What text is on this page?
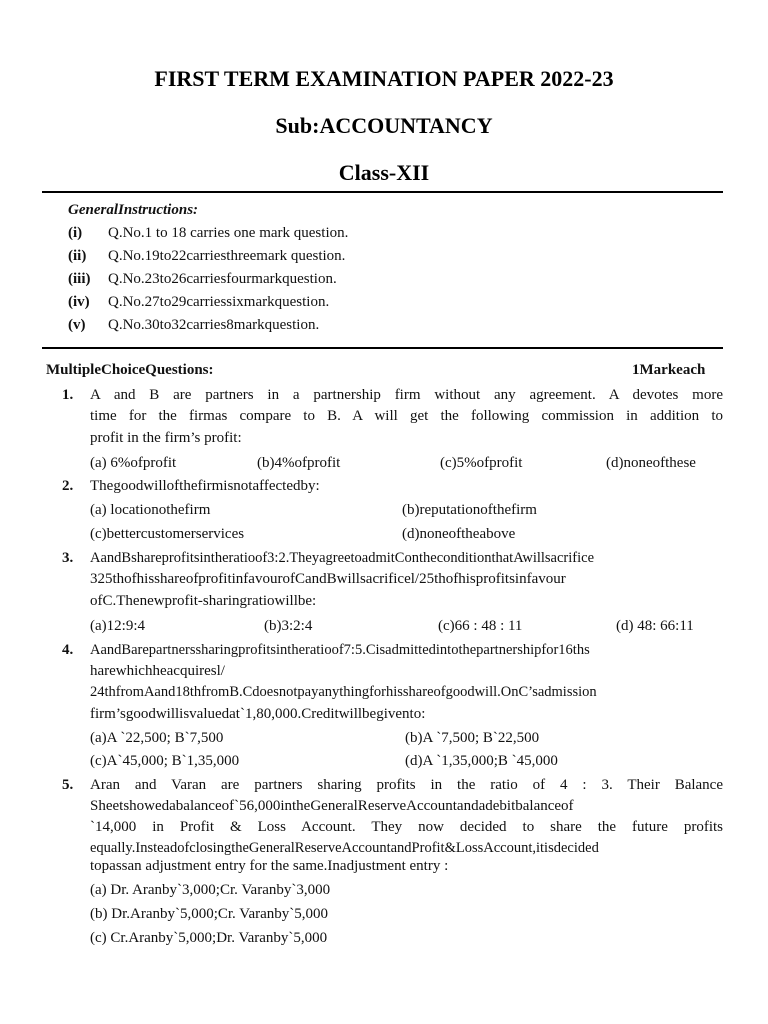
FIRST TERM EXAMINATION PAPER 2022-23
Sub:ACCOUNTANCY
Class-XII
GeneralInstructions:
(i) Q.No.1 to 18 carries one mark question.
(ii) Q.No.19to22carriesthreemark question.
(iii) Q.No.23to26carriesfourmarkquestion.
(iv) Q.No.27to29carriessixmarkquestion.
(v) Q.No.30to32carries8markquestion.
MultipleChoiceQuestions:	1Markeach
1. A and B are partners in a partnership firm without any agreement. A devotes more
time for the firmas compare to B. A will get the following commission in addition to
profit in the firm’s profit:
(a) 6%ofprofit	(b)4%ofprofit	(c)5%ofprofit	(d)noneofthese
2. Thegoodwillofthefirmisnotaffectedby:
(a) locationothefirm	(b)reputationofthefirm
(c)bettercustomerservices	(d)noneoftheabove
3. AandBshareprofitsintheratioof3:2.TheyagreetoadmitContheconditionthatAwillsacrifice
325thofhisshareofprofitinfavourofCandBwillsacrificel/25thofhisprofitsinfavour
ofC.Thenewprofit-sharingratiowillbe:
(a)12:9:4	(b)3:2:4	(c)66 : 48 : 11	(d) 48: 66:11
4. AandBarepartnerssharingprofitsintheratioof7:5.Cisadmittedintothepartnershipfor16ths
harewhichheacquiresl/
24thfromAand18thfromB.Cdoesnotpayanythingforhisshareofgoodwill.OnC’sadmission
firm’sgoodwillisvaluedat`1,80,000.Creditwillbegivento:
(a)A `22,500; B`7,500	(b)A `7,500; B`22,500
(c)A`45,000; B`1,35,000	(d)A `1,35,000;B `45,000
5. Aran and Varan are partners sharing profits in the ratio of 4 : 3. Their Balance
Sheetshowedabalanceof`56,000intheGeneralReserveAccountandadebitbalanceof
`14,000 in Profit & Loss Account. They now decided to share the future profits
equally.InsteadofclosingtheGeneralReserveAccountandProfit&LossAccount,itisdecided
topassan adjustment entry for the same.Inadjustment entry :
(a) Dr. Aranby`3,000;Cr. Varanby`3,000
(b) Dr.Aranby`5,000;Cr. Varanby`5,000
(c) Cr.Aranby`5,000;Dr. Varanby`5,000
